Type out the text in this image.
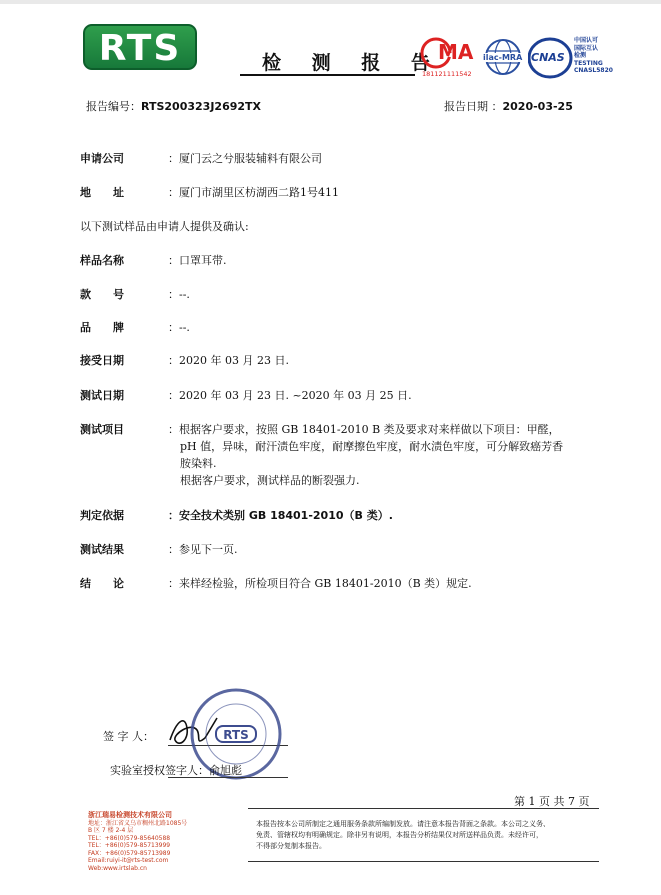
RTS	检 测 报 告
MA
181121111542
ilac-MRA CNAS
中国认可
国际互认
检测
TESTING
CNASL5820
报告编号：RTS200323J2692TX	报告日期 ：2020-03-25
申请公司	：厦门云之兮服装辅料有限公司
地　　址	：厦门市湖里区枋湖西二路1号411
以下测试样品由申请人提供及确认:
样品名称	：口罩耳带.
款　　号	：--.
品　　牌	：--.
接受日期	：2020 年 03 月 23 日.
测试日期	：2020 年 03 月 23 日. ~2020 年 03 月 25 日.
测试项目	：根据客户要求，按照 GB 18401-2010 B 类及要求对来样做以下项目：甲醛，
pH 值，异味，耐汗渍色牢度，耐摩擦色牢度，耐水渍色牢度，可分解致癌芳香
胺染料.
根据客户要求，测试样品的断裂强力.
判定依据	：安全技术类别 GB 18401-2010（B 类）.
测试结果	：参见下一页.
结　　论	：来样经检验，所检项目符合 GB 18401-2010（B 类）规定.
签 字 人：	RTS
实验室授权签字人：俞旭彪
第 1 页 共 7 页
浙江瑞易检测技术有限公司
地址：浙江省义乌市稠州北路1085号
B 区 7 楼 2-4 层
TEL：+86(0)579-85640588
TEL：+86(0)579-85713999
FAX：+86(0)579-85713989
Email:ruiyi-it@rts-test.com
Web:www.irtslab.cn
本报告按本公司所制定之通用服务条款所编制发放。请注意本报告背面之条款。本公司之义务、
免责、管辖权均有明确规定。除非另有说明，本报告分析结果仅对所送样品负责。未经许可，
不得部分复制本报告。
